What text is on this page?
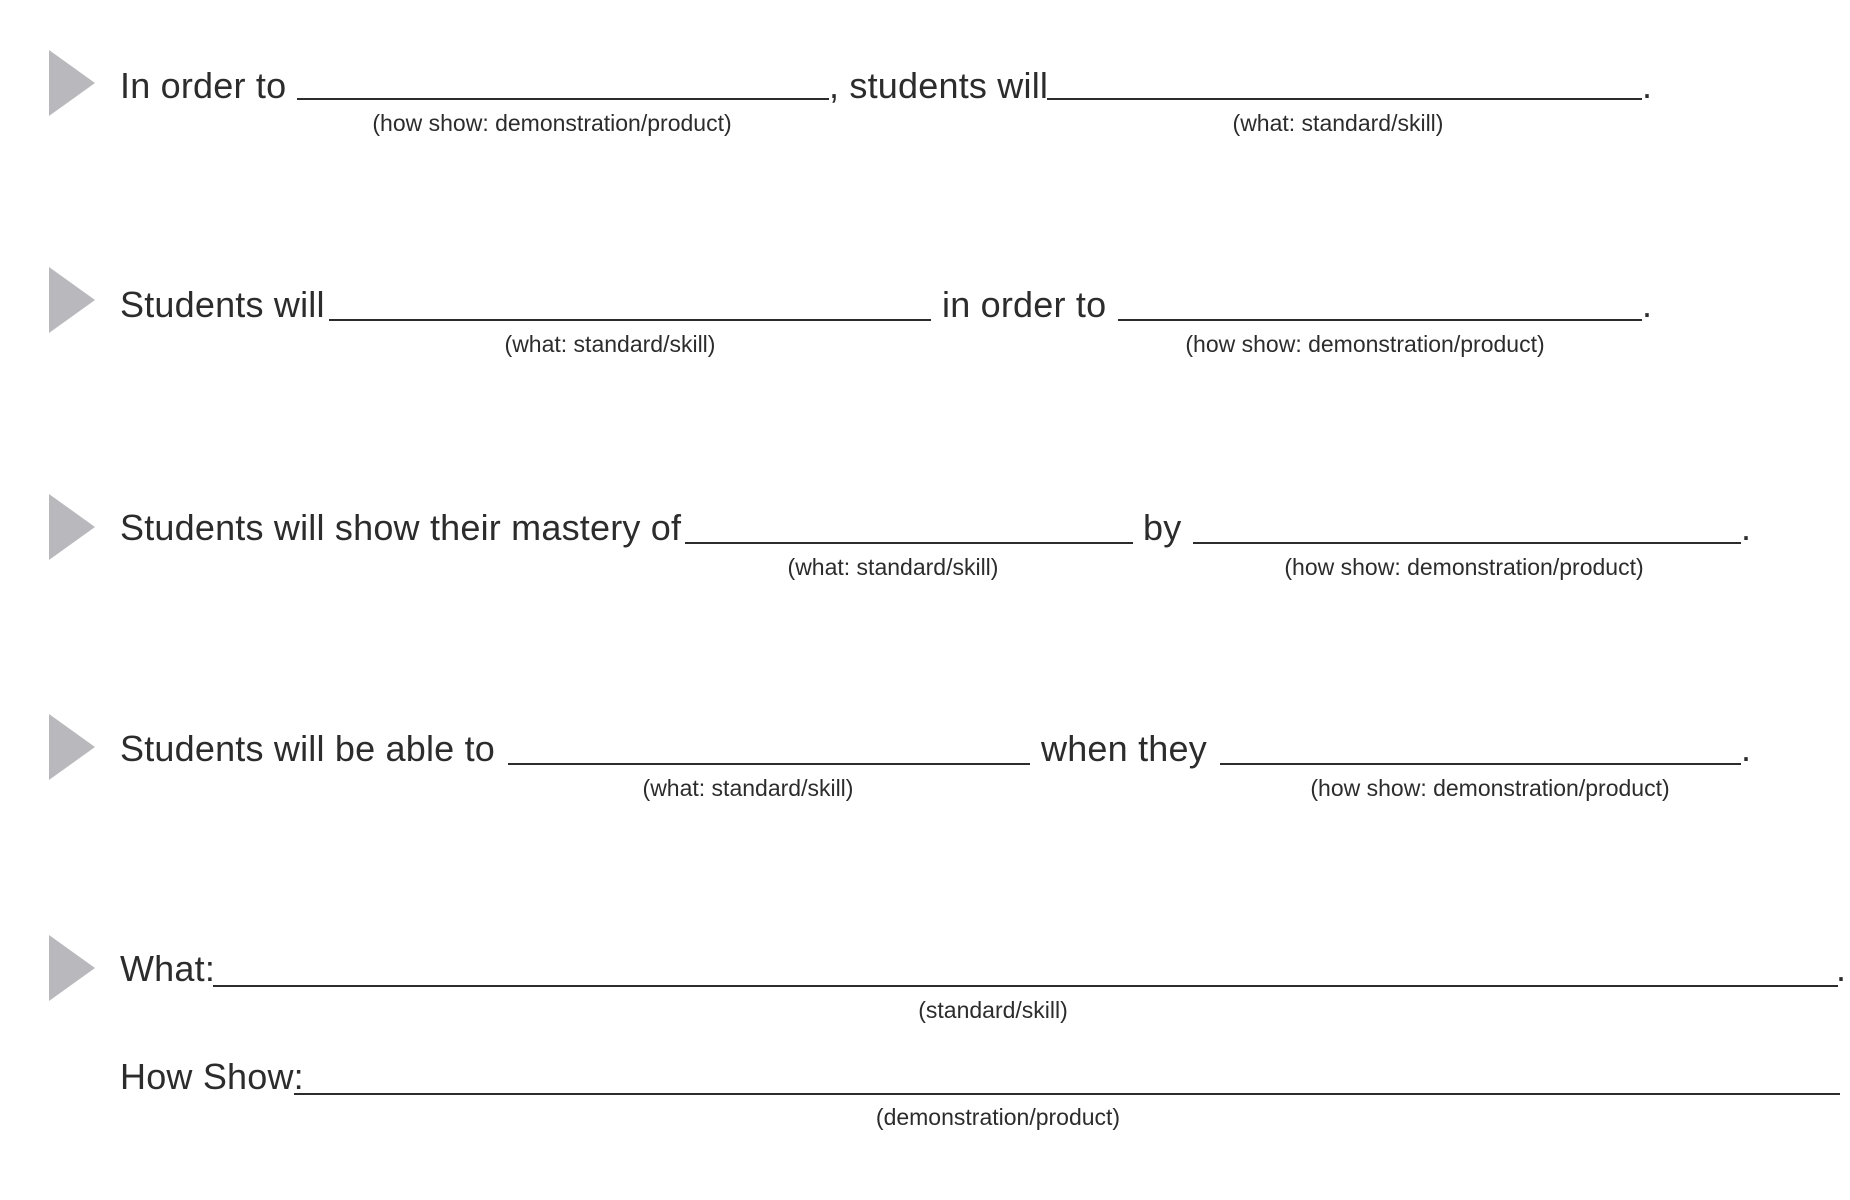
In order to	, students will	.
(how show: demonstration/product)	(what: standard/skill)
Students will	in order to	.
(what: standard/skill)	(how show: demonstration/product)
Students will show their mastery of	by	.
(what: standard/skill)	(how show: demonstration/product)
Students will be able to	when they	.
(what: standard/skill)	(how show: demonstration/product)
What:	.
(standard/skill)
How Show:
(demonstration/product)
